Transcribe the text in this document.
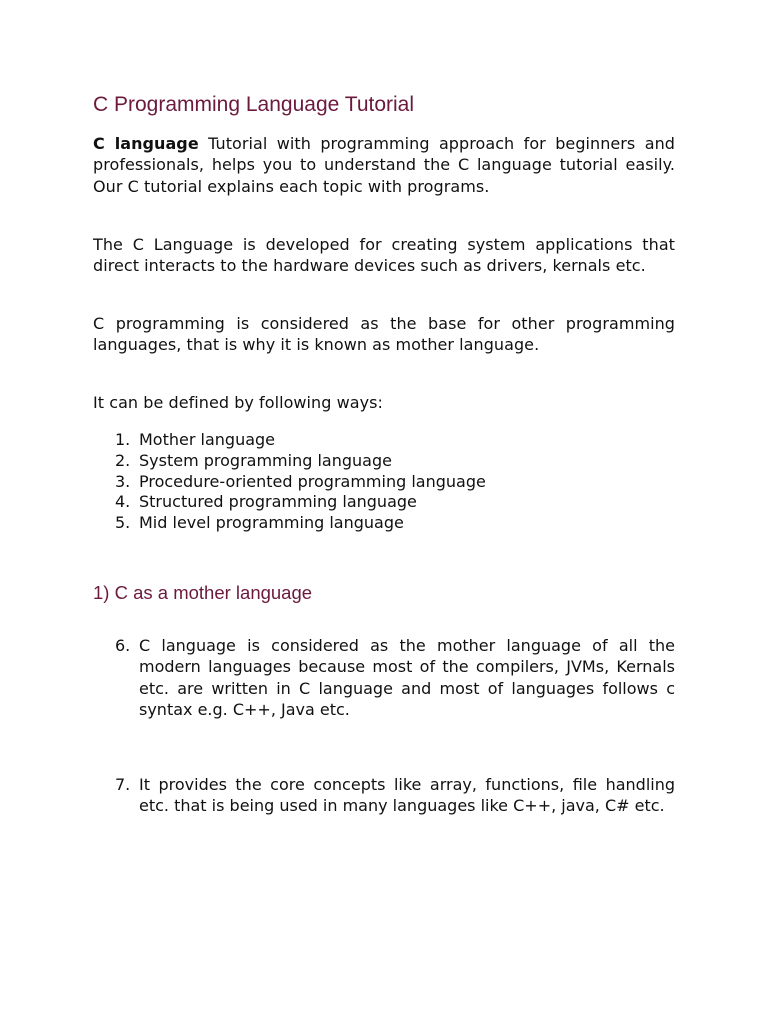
C Programming Language Tutorial

C language Tutorial with programming approach for beginners and professionals, helps you to understand the C language tutorial easily. Our C tutorial explains each topic with programs.

The C Language is developed for creating system applications that direct interacts to the hardware devices such as drivers, kernals etc.

C programming is considered as the base for other programming languages, that is why it is known as mother language.

It can be defined by following ways:

1. Mother language
2. System programming language
3. Procedure-oriented programming language
4. Structured programming language
5. Mid level programming language
1) C as a mother language
6. C language is considered as the mother language of all the modern languages because most of the compilers, JVMs, Kernals etc. are written in C language and most of languages follows c syntax e.g. C++, Java etc.
7. It provides the core concepts like array, functions, file handling etc. that is being used in many languages like C++, java, C# etc.
